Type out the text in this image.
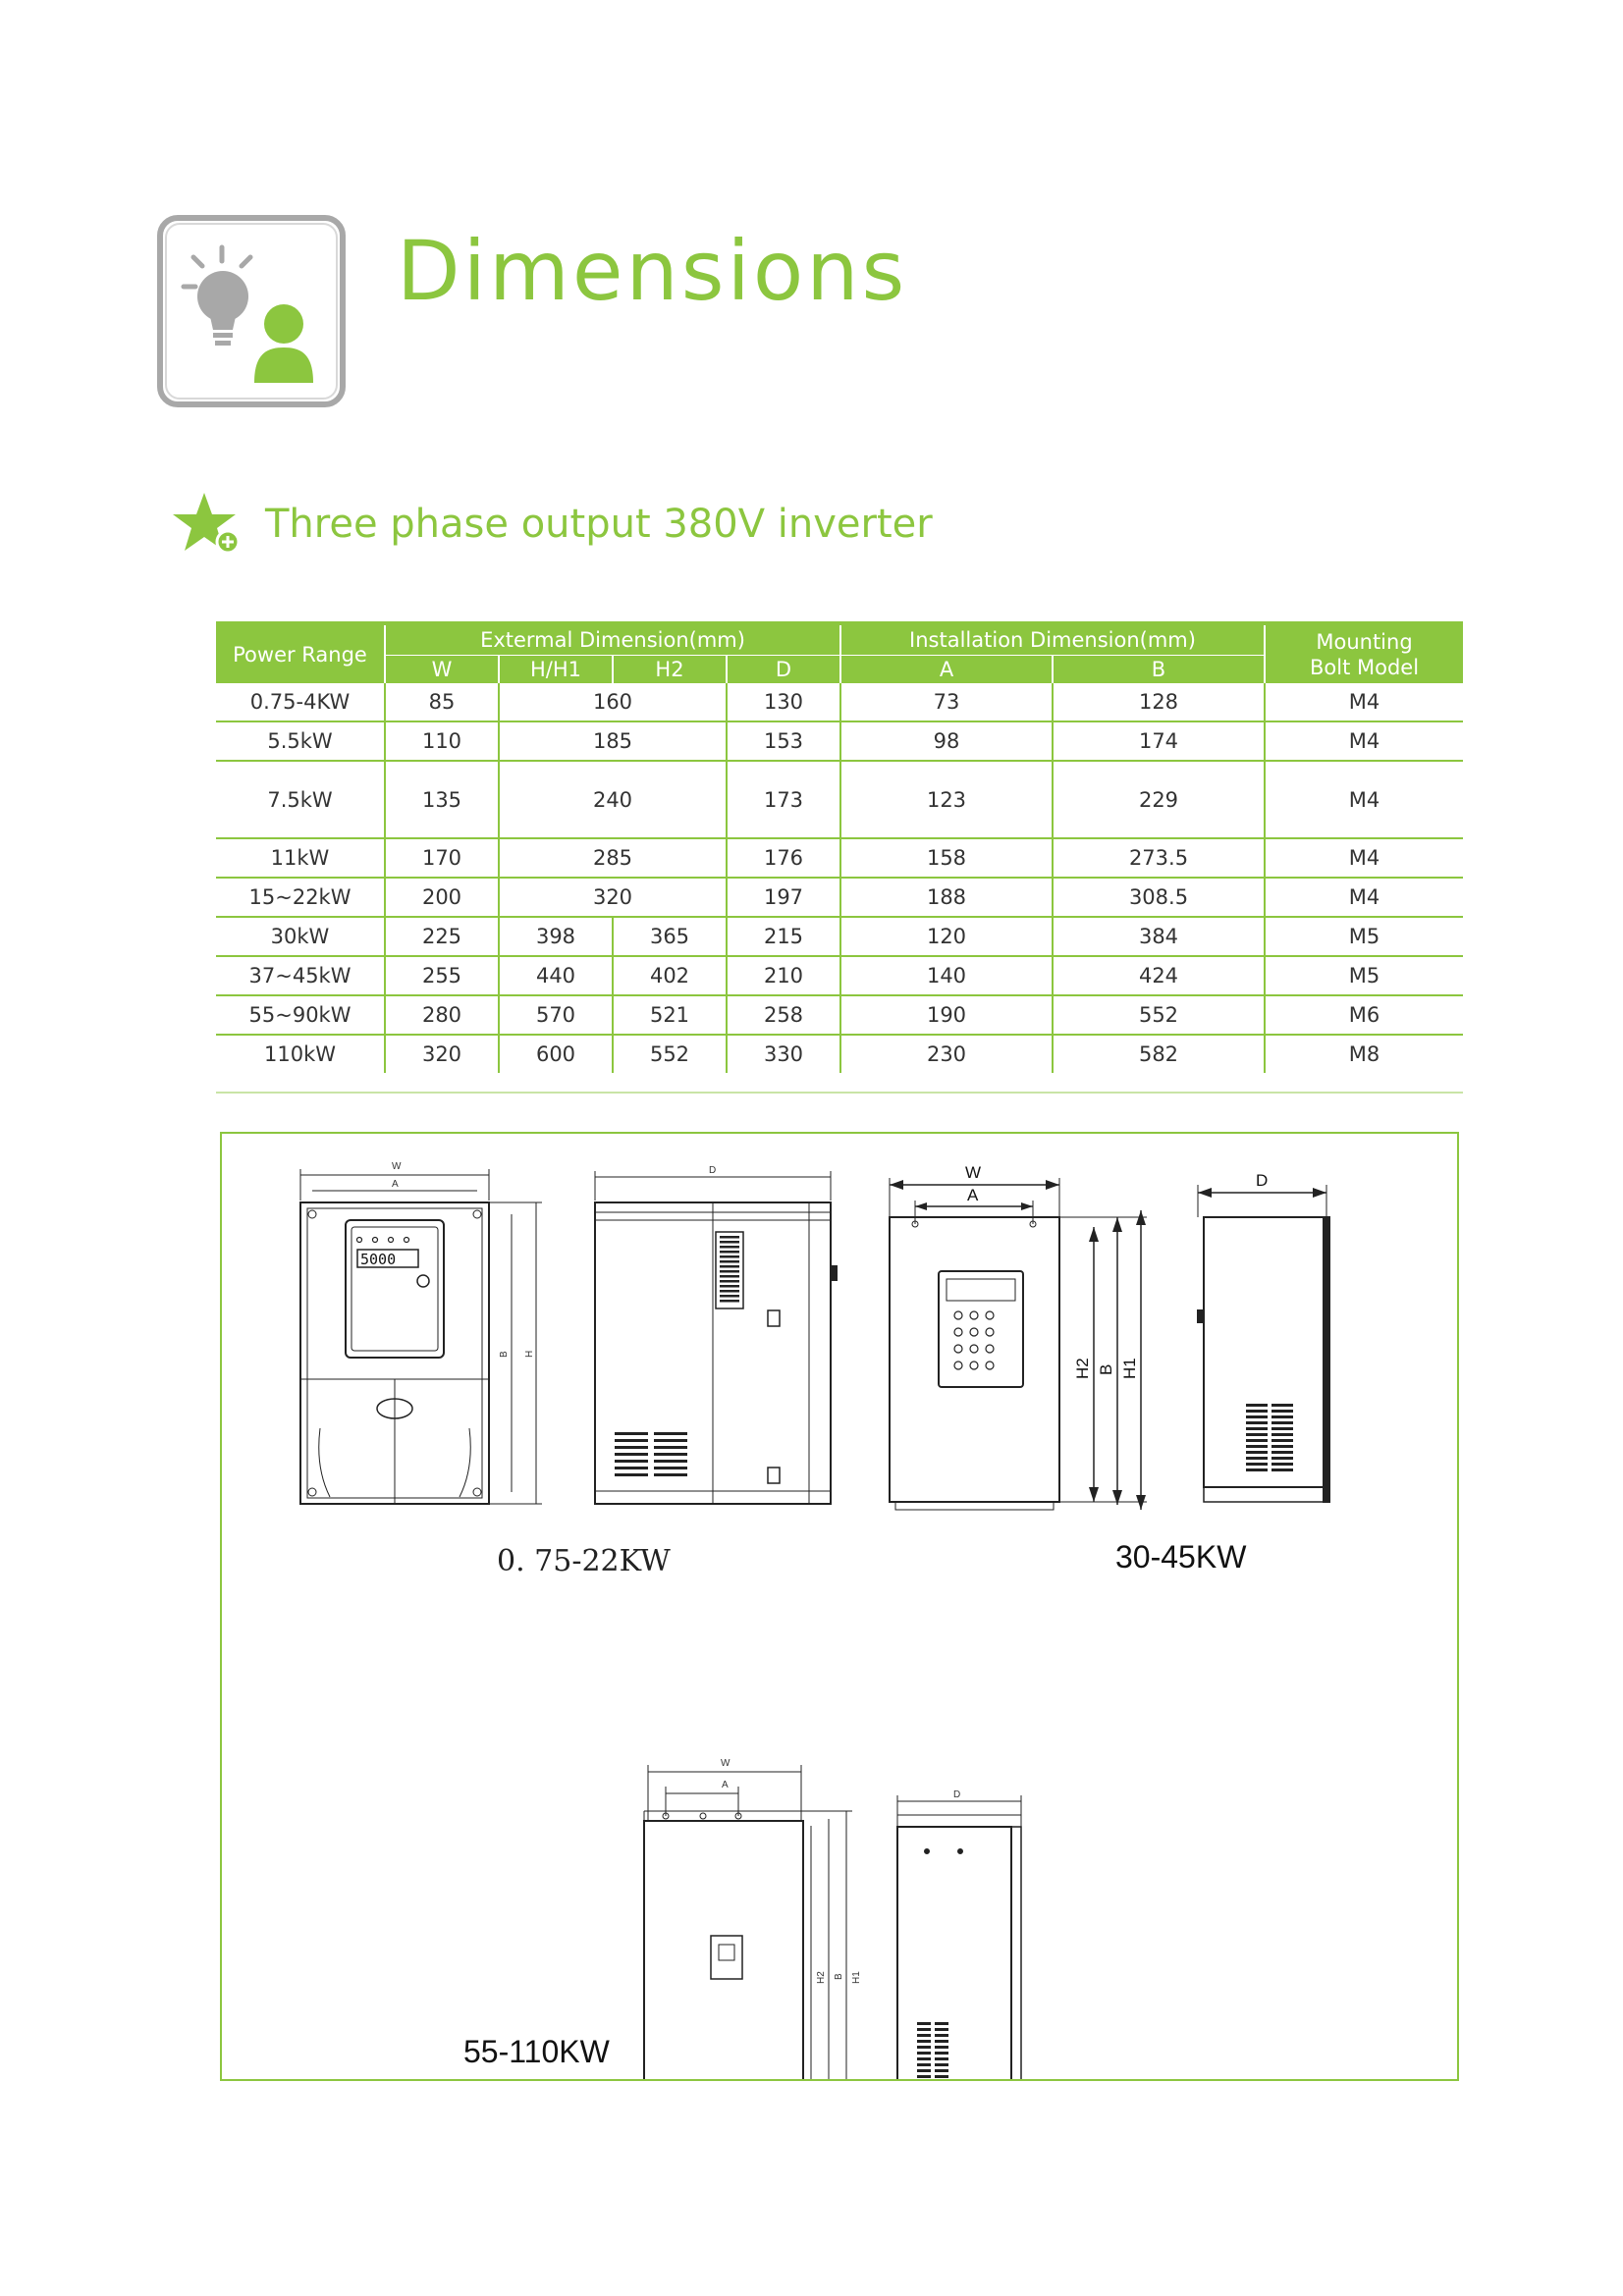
Dimensions
Three phase output 380V inverter
Power Range	Extermal Dimension(mm)				Installation Dimension(mm)		Mounting
Bolt Model

	W	H/H1	H2	D	A	B	
0.75-4KW	85	160		130	73	128	M4
5.5kW	110	185		153	98	174	M4
7.5kW	135	240		173	123	229	M4
11kW	170	285		176	158	273.5	M4
15~22kW	200	320		197	188	308.5	M4
30kW	225	398	365	215	120	384	M5
37~45kW	255	440	402	210	140	424	M5
55~90kW	280	570	521	258	190	552	M6
110kW	320	600	552	330	230	582	M8
W
A
B H
D
5000
W
A
H2 B H1
D
W
A
H2 B H1
D
0. 75-22KW	30-45KW
55-110KW
